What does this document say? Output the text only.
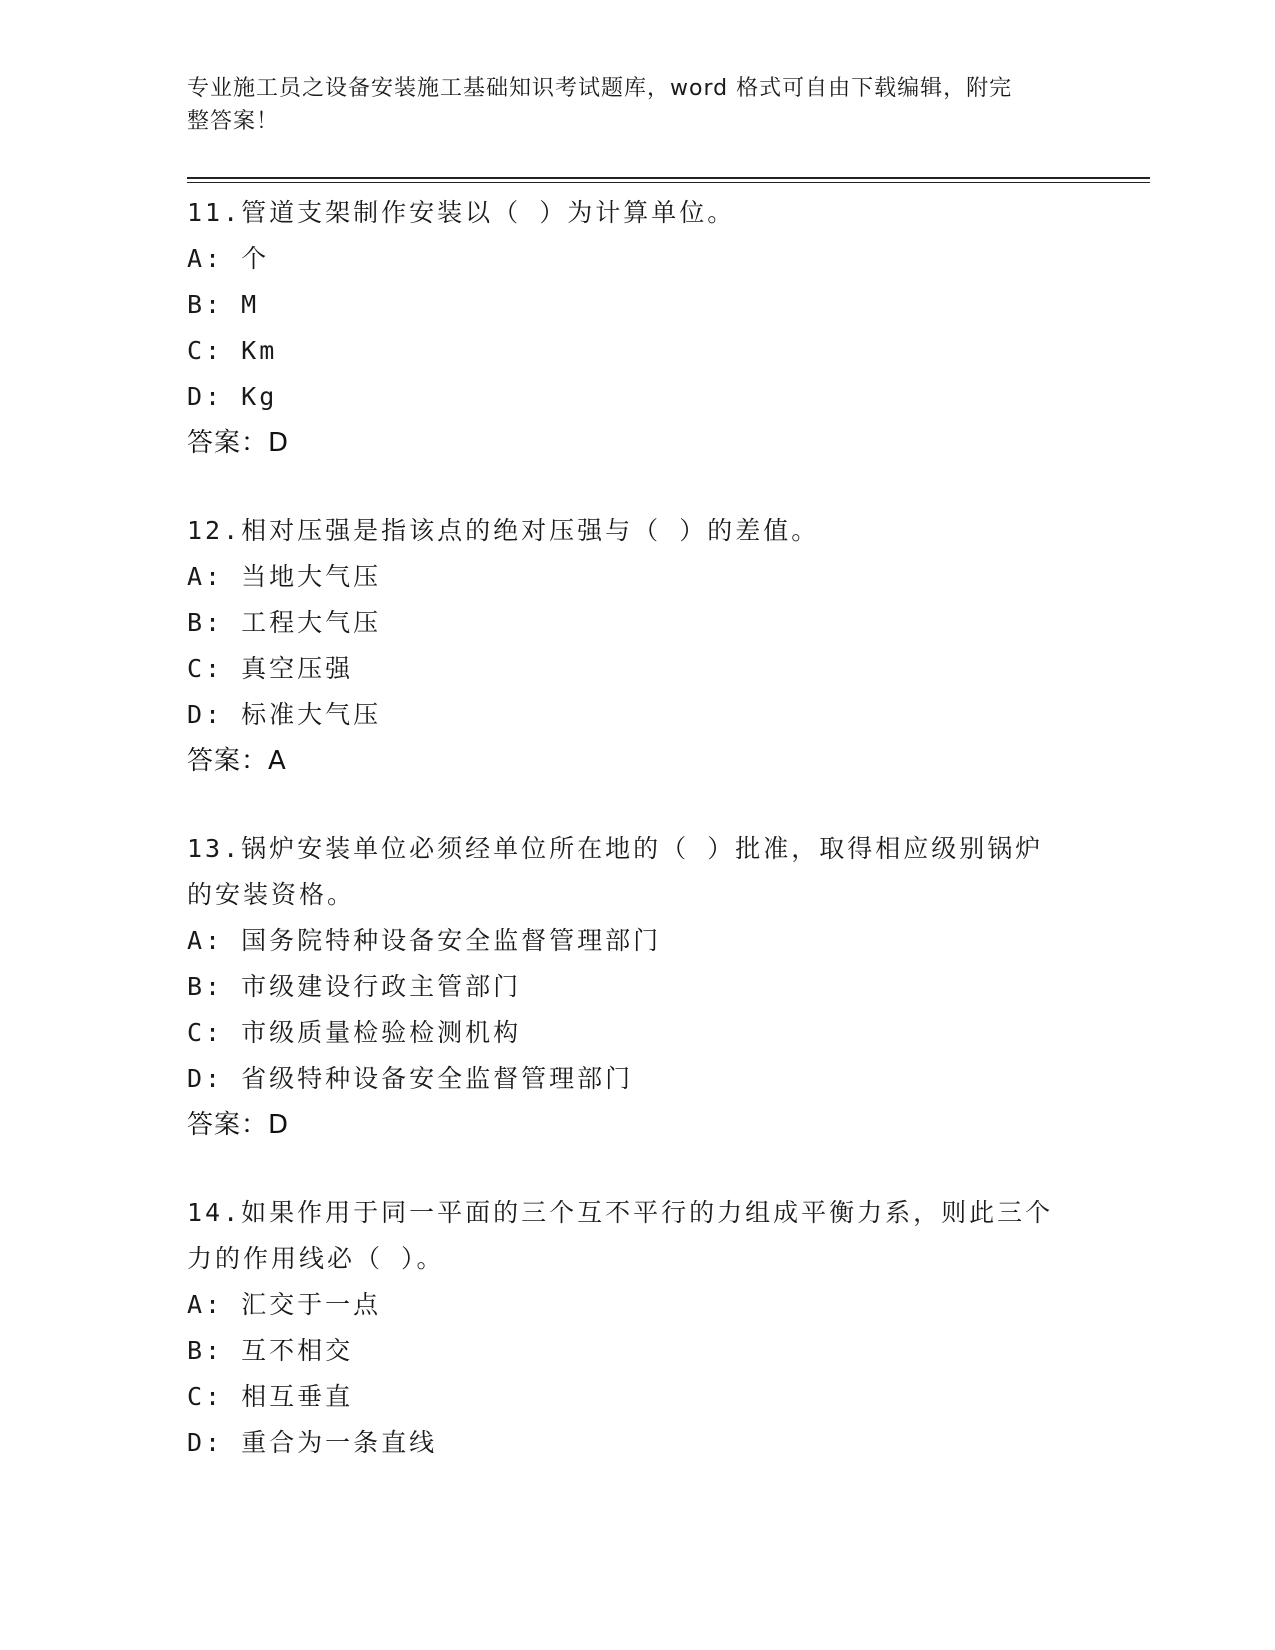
专业施工员之设备安装施工基础知识考试题库，word 格式可自由下载编辑，附完
整答案！
11.管道支架制作安装以（ ）为计算单位。
A: 个
B: M
C: Km
D: Kg
答案：D
12.相对压强是指该点的绝对压强与（ ）的差值。
A: 当地大气压
B: 工程大气压
C: 真空压强
D: 标准大气压
答案：A
13.锅炉安装单位必须经单位所在地的（ ）批准，取得相应级别锅炉
的安装资格。
A: 国务院特种设备安全监督管理部门
B: 市级建设行政主管部门
C: 市级质量检验检测机构
D: 省级特种设备安全监督管理部门
答案：D
14.如果作用于同一平面的三个互不平行的力组成平衡力系，则此三个
力的作用线必（ ）。
A: 汇交于一点
B: 互不相交
C: 相互垂直
D: 重合为一条直线
